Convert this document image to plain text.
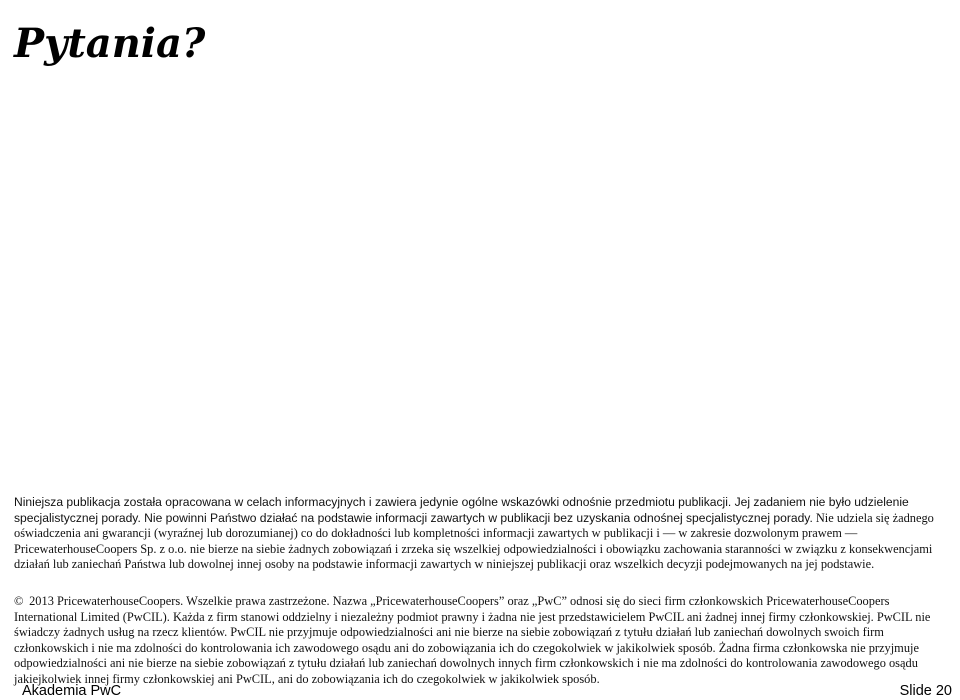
Pytania?

Niniejsza publikacja została opracowana w celach informacyjnych i zawiera jedynie ogólne wskazówki odnośnie przedmiotu publikacji. Jej zadaniem nie było udzielenie specjalistycznej porady. Nie powinni Państwo działać na podstawie informacji zawartych w publikacji bez uzyskania odnośnej specjalistycznej porady. Nie udziela się żadnego oświadczenia ani gwarancji (wyraźnej lub dorozumianej) co do dokładności lub kompletności informacji zawartych w publikacji i — w zakresie dozwolonym prawem — PricewaterhouseCoopers Sp. z o.o. nie bierze na siebie żadnych zobowiązań i zrzeka się wszelkiej odpowiedzialności i obowiązku zachowania staranności w związku z konsekwencjami działań lub zaniechań Państwa lub dowolnej innej osoby na podstawie informacji zawartych w niniejszej publikacji oraz wszelkich decyzji podejmowanych na jej podstawie.

© 2013 PricewaterhouseCoopers. Wszelkie prawa zastrzeżone. Nazwa „PricewaterhouseCoopers” oraz „PwC” odnosi się do sieci firm członkowskich PricewaterhouseCoopers International Limited (PwCIL). Każda z firm stanowi oddzielny i niezależny podmiot prawny i żadna nie jest przedstawicielem PwCIL ani żadnej innej firmy członkowskiej. PwCIL nie świadczy żadnych usług na rzecz klientów. PwCIL nie przyjmuje odpowiedzialności ani nie bierze na siebie zobowiązań z tytułu działań lub zaniechań dowolnych swoich firm członkowskich i nie ma zdolności do kontrolowania ich zawodowego osądu ani do zobowiązania ich do czegokolwiek w jakikolwiek sposób. Żadna firma członkowska nie przyjmuje odpowiedzialności ani nie bierze na siebie zobowiązań z tytułu działań lub zaniechań dowolnych innych firm członkowskich i nie ma zdolności do kontrolowania zawodowego osądu jakiejkolwiek innej firmy członkowskiej ani PwCIL, ani do zobowiązania ich do czegokolwiek w jakikolwiek sposób.

Akademia PwC	Slide 20
